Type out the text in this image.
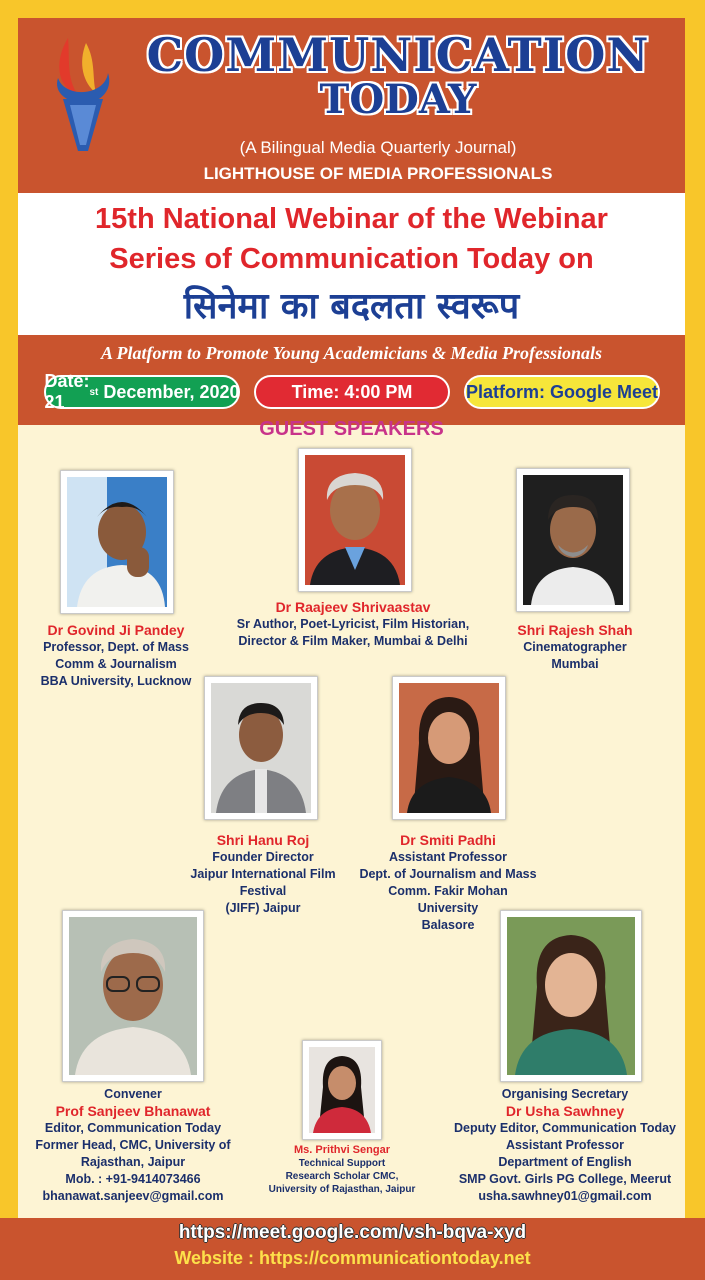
COMMUNICATION
TODAY
(A Bilingual Media Quarterly Journal)
LIGHTHOUSE OF MEDIA PROFESSIONALS
15th National Webinar of the Webinar
Series of Communication Today on
सिनेमा का बदलता स्वरूप
A Platform to Promote Young Academicians & Media Professionals
Date: 21	st December, 2020	Time: 4:00 PM	Platform: Google Meet
GUEST SPEAKERS
Dr Govind Ji Pandey
Professor, Dept. of Mass
Comm & Journalism
BBA University, Lucknow
Dr Raajeev Shrivaastav
Sr Author, Poet-Lyricist, Film Historian,
Director & Film Maker, Mumbai & Delhi
Shri Rajesh Shah
Cinematographer
Mumbai
Shri Hanu Roj
Founder Director
Jaipur International Film Festival
(JIFF) Jaipur
Dr Smiti Padhi
Assistant Professor
Dept. of Journalism and Mass
Comm. Fakir Mohan University
Balasore
Convener
Prof Sanjeev Bhanawat
Editor, Communication Today
Former Head, CMC, University of
Rajasthan, Jaipur
Mob. : +91-9414073466
bhanawat.sanjeev@gmail.com
Ms. Prithvi Sengar
Technical Support
Research Scholar CMC,
University of Rajasthan, Jaipur
Organising Secretary
Dr Usha Sawhney
Deputy Editor, Communication Today
Assistant Professor
Department of English
SMP Govt. Girls PG College, Meerut
usha.sawhney01@gmail.com
https://meet.google.com/vsh-bqva-xyd
Website : https://communicationtoday.net
